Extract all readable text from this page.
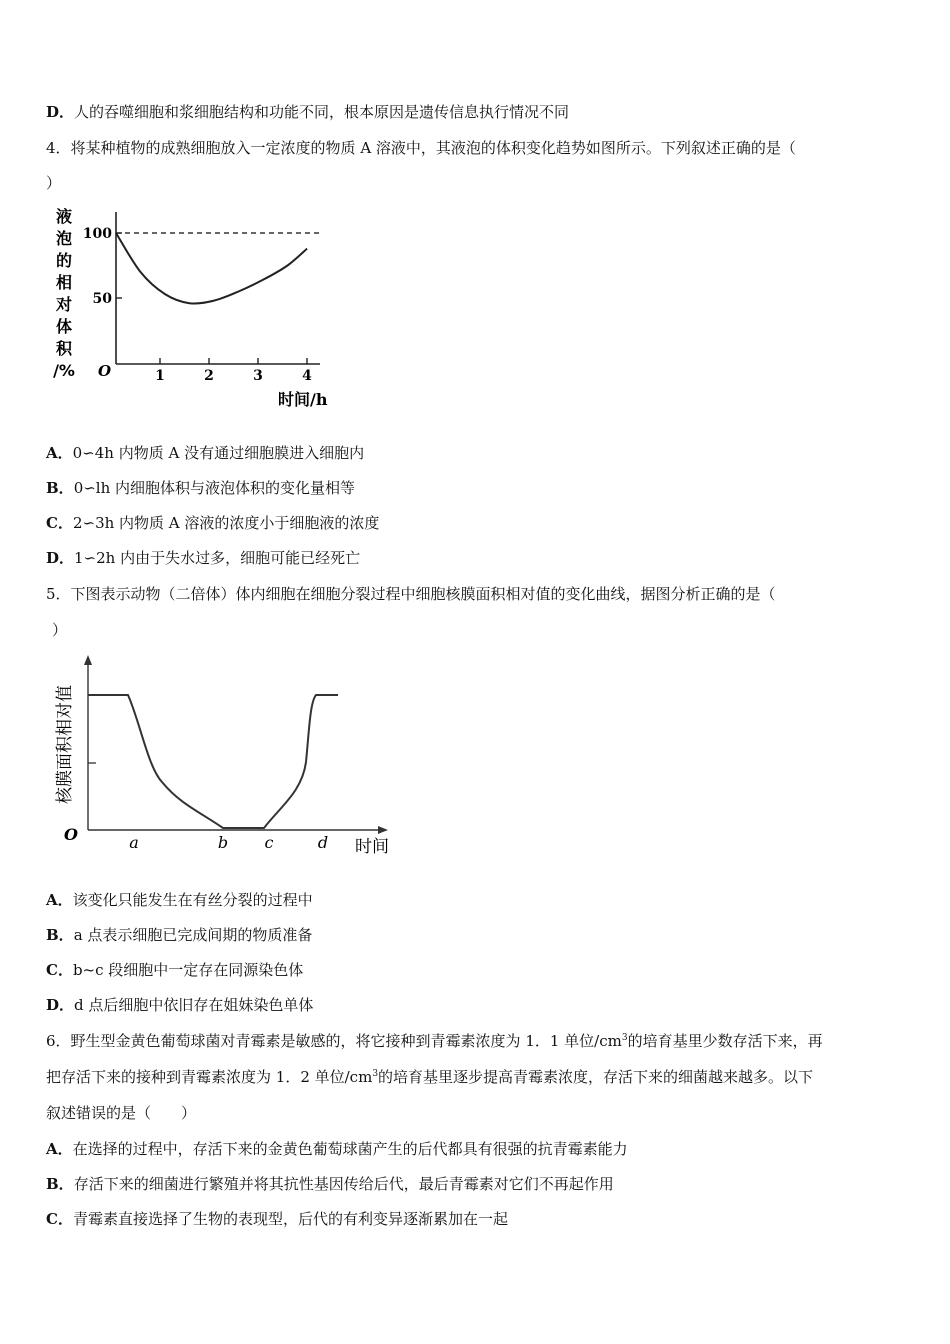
D．人的吞噬细胞和浆细胞结构和功能不同，根本原因是遗传信息执行情况不同
4．将某种植物的成熟细胞放入一定浓度的物质 A 溶液中，其液泡的体积变化趋势如图所示。下列叙述正确的是（
）
液
泡
的
相
对
体
积
/% O
100
50
1	2	3	4
时间/h
A．0∽4h 内物质 A 没有通过细胞膜进入细胞内
B．0∽lh 内细胞体积与液泡体积的变化量相等
C．2∽3h 内物质 A 溶液的浓度小于细胞液的浓度
D．1∽2h 内由于失水过多，细胞可能已经死亡
5．下图表示动物（二倍体）体内细胞在细胞分裂过程中细胞核膜面积相对值的变化曲线，据图分析正确的是（
）
核膜面积相对值
O	a	b c	d 时间
A．该变化只能发生在有丝分裂的过程中
B．a 点表示细胞已完成间期的物质准备
C．b~c 段细胞中一定存在同源染色体
D．d 点后细胞中依旧存在姐妹染色单体
6．野生型金黄色葡萄球菌对青霉素是敏感的，将它接种到青霉素浓度为 1．1 单位$/cm^3$的培育基里少数存活下来，再
把存活下来的接种到青霉素浓度为 1．2 单位$/cm^3$的培育基里逐步提高青霉素浓度，存活下来的细菌越来越多。以下
叙述错误的是（　　）
A．在选择的过程中，存活下来的金黄色葡萄球菌产生的后代都具有很强的抗青霉素能力
B．存活下来的细菌进行繁殖并将其抗性基因传给后代，最后青霉素对它们不再起作用
C．青霉素直接选择了生物的表现型，后代的有利变异逐渐累加在一起
